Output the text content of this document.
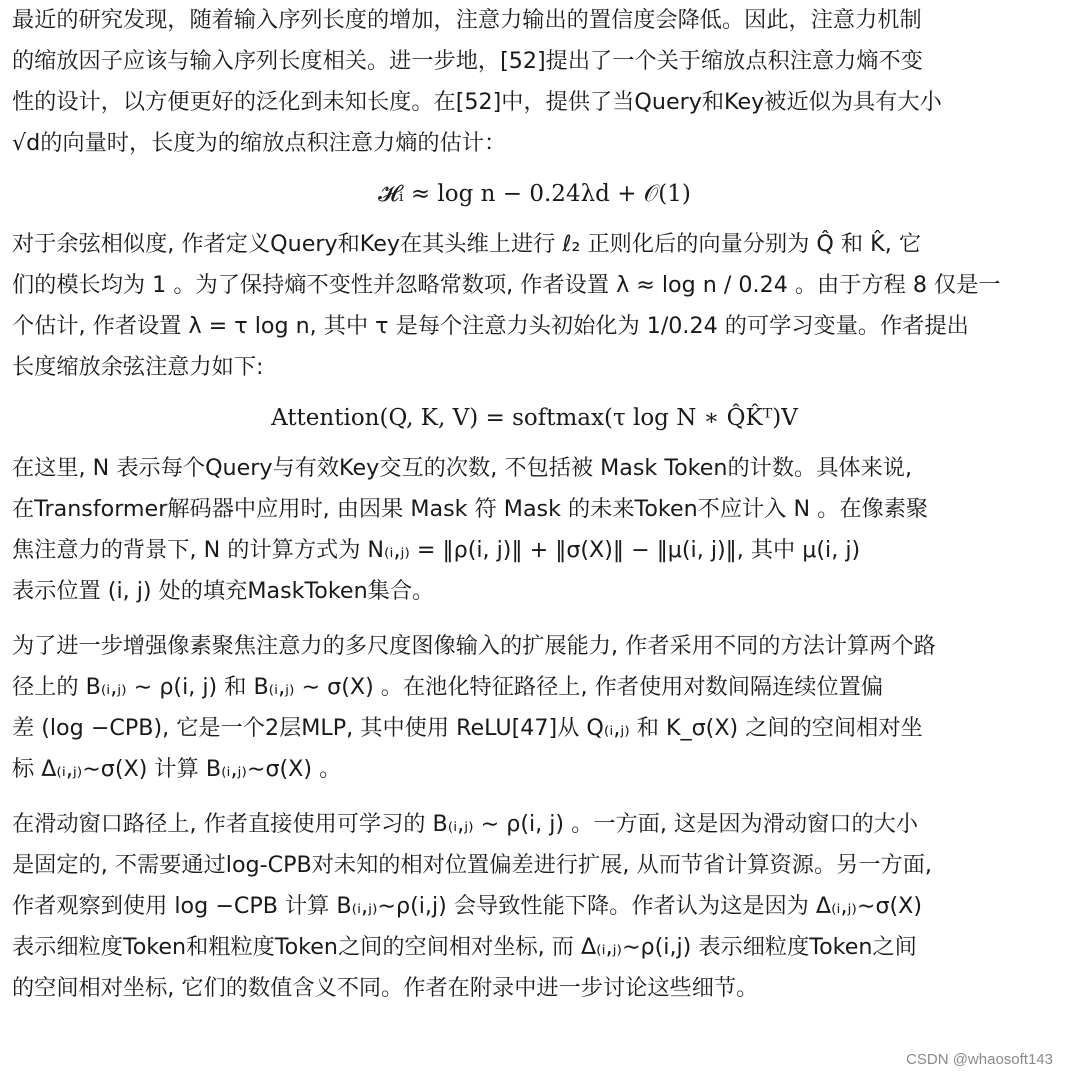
最近的研究发现，随着输入序列长度的增加，注意力输出的置信度会降低。因此，注意力机制
的缩放因子应该与输入序列长度相关。进一步地，[52]提出了一个关于缩放点积注意力熵不变
性的设计，以方便更好的泛化到未知长度。在[52]中，提供了当Query和Key被近似为具有大小
√d的向量时，长度为的缩放点积注意力熵的估计：

𝓗ᵢ ≈ log n − 0.24λd + 𝒪(1)

对于余弦相似度, 作者定义Query和Key在其头维上进行 ℓ₂ 正则化后的向量分别为 Q̂ 和 K̂, 它
们的模长均为 1 。为了保持熵不变性并忽略常数项, 作者设置 λ ≈ log n / 0.24 。由于方程 8 仅是一
个估计, 作者设置 λ = τ log n, 其中 τ 是每个注意力头初始化为 1/0.24 的可学习变量。作者提出
长度缩放余弦注意力如下:

Attention(Q, K, V) = softmax(τ log N ∗ Q̂K̂ᵀ)V

在这里, N 表示每个Query与有效Key交互的次数, 不包括被 Mask Token的计数。具体来说,
在Transformer解码器中应用时, 由因果 Mask 符 Mask 的未来Token不应计入 N 。在像素聚
焦注意力的背景下, N 的计算方式为 N₍ᵢ,ⱼ₎ = ‖ρ(i, j)‖ + ‖σ(X)‖ − ‖μ(i, j)‖, 其中 μ(i, j)
表示位置 (i, j) 处的填充MaskToken集合。

为了进一步增强像素聚焦注意力的多尺度图像输入的扩展能力, 作者采用不同的方法计算两个路
径上的 B₍ᵢ,ⱼ₎ ∼ ρ(i, j) 和 B₍ᵢ,ⱼ₎ ∼ σ(X) 。在池化特征路径上, 作者使用对数间隔连续位置偏
差 (log −CPB), 它是一个2层MLP, 其中使用 ReLU[47]从 Q₍ᵢ,ⱼ₎ 和 K_σ(X) 之间的空间相对坐
标 Δ₍ᵢ,ⱼ₎∼σ(X) 计算 B₍ᵢ,ⱼ₎∼σ(X) 。

在滑动窗口路径上, 作者直接使用可学习的 B₍ᵢ,ⱼ₎ ∼ ρ(i, j) 。一方面, 这是因为滑动窗口的大小
是固定的, 不需要通过log-CPB对未知的相对位置偏差进行扩展, 从而节省计算资源。另一方面,
作者观察到使用 log −CPB 计算 B₍ᵢ,ⱼ₎∼ρ(i,j) 会导致性能下降。作者认为这是因为 Δ₍ᵢ,ⱼ₎∼σ(X)
表示细粒度Token和粗粒度Token之间的空间相对坐标, 而 Δ₍ᵢ,ⱼ₎∼ρ(i,j) 表示细粒度Token之间
的空间相对坐标, 它们的数值含义不同。作者在附录中进一步讨论这些细节。

CSDN @whaosoft143
